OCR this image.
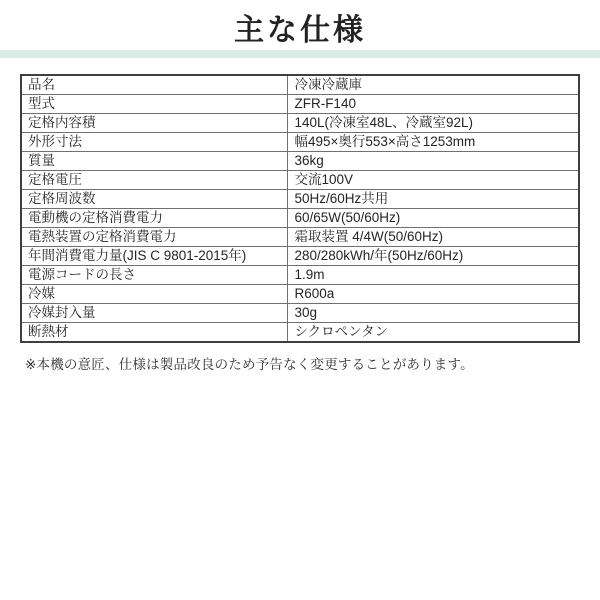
主な仕様
品名	冷凍冷蔵庫
型式	ZFR-F140
定格内容積	140L(冷凍室48L、冷蔵室92L)
外形寸法	幅495×奥行553×高さ1253mm
質量	36kg
定格電圧	交流100V
定格周波数	50Hz/60Hz共用
電動機の定格消費電力	60/65W(50/60Hz)
電熱装置の定格消費電力	霜取装置 4/4W(50/60Hz)
年間消費電力量(JIS C 9801-2015年)	280/280kWh/年(50Hz/60Hz)
電源コードの長さ	1.9m
冷媒	R600a
冷媒封入量	30g
断熱材	シクロペンタン
※本機の意匠、仕様は製品改良のため予告なく変更することがあります。
